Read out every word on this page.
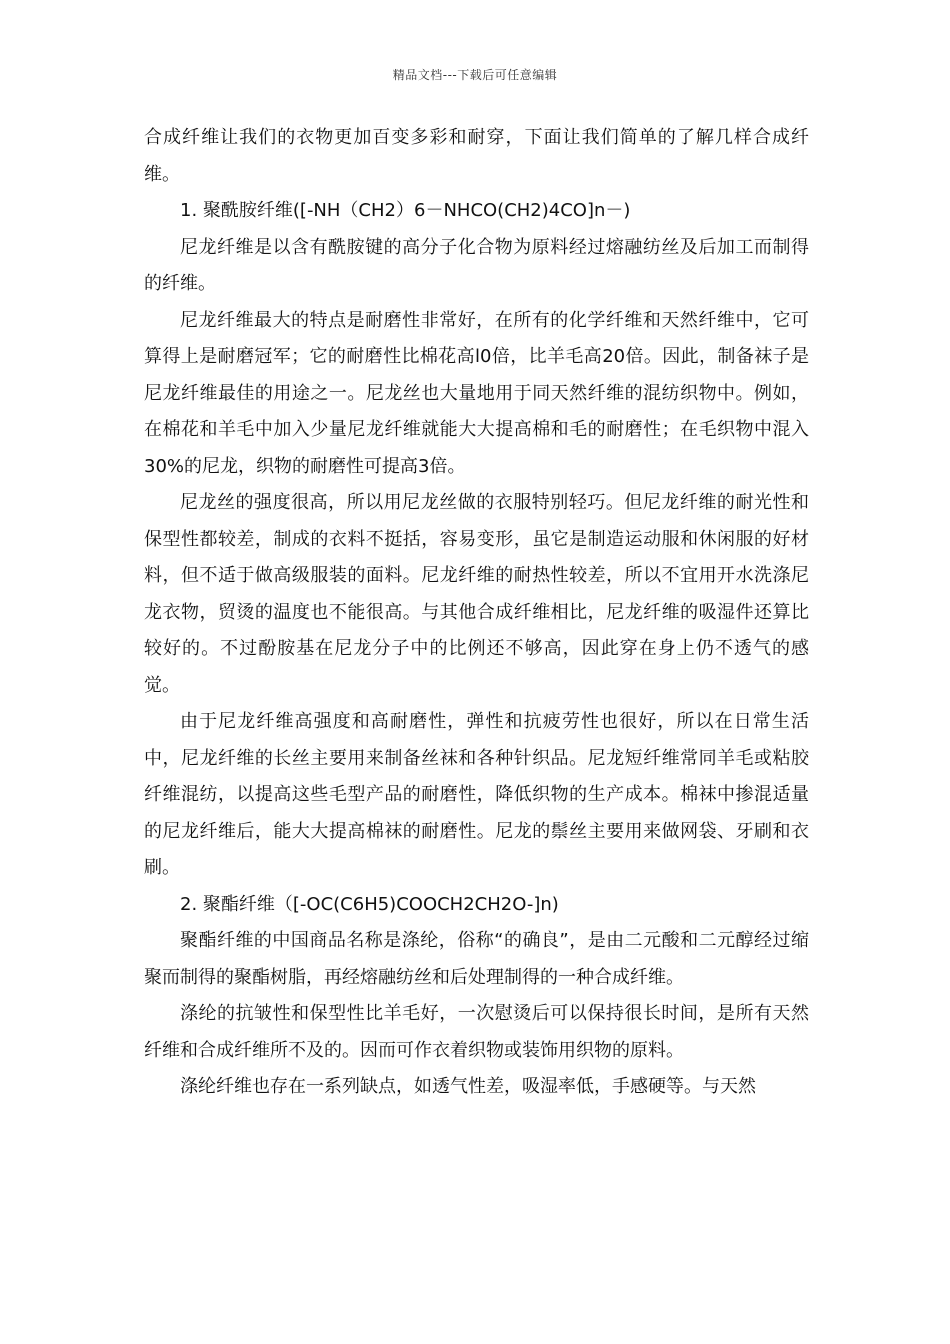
精品文档---下载后可任意编辑

合成纤维让我们的衣物更加百变多彩和耐穿，下面让我们简单的了解几样合成纤维。

1. 聚酰胺纤维([-NH（CH2）6－NHCO(CH2)4CO]n－)

尼龙纤维是以含有酰胺键的高分子化合物为原料经过熔融纺丝及后加工而制得的纤维。

尼龙纤维最大的特点是耐磨性非常好，在所有的化学纤维和天然纤维中，它可算得上是耐磨冠军；它的耐磨性比棉花高l0倍，比羊毛高20倍。因此，制备袜子是尼龙纤维最佳的用途之一。尼龙丝也大量地用于同天然纤维的混纺织物中。例如，在棉花和羊毛中加入少量尼龙纤维就能大大提高棉和毛的耐磨性；在毛织物中混入30%的尼龙，织物的耐磨性可提高3倍。

尼龙丝的强度很高，所以用尼龙丝做的衣服特别轻巧。但尼龙纤维的耐光性和保型性都较差，制成的衣料不挺括，容易变形，虽它是制造运动服和休闲服的好材料，但不适于做高级服装的面料。尼龙纤维的耐热性较差，所以不宜用开水洗涤尼龙衣物，贸烫的温度也不能很高。与其他合成纤维相比，尼龙纤维的吸湿件还算比较好的。不过酚胺基在尼龙分子中的比例还不够高，因此穿在身上仍不透气的感觉。

由于尼龙纤维高强度和高耐磨性，弹性和抗疲劳性也很好，所以在日常生活中，尼龙纤维的长丝主要用来制备丝袜和各种针织品。尼龙短纤维常同羊毛或粘胶纤维混纺，以提高这些毛型产品的耐磨性，降低织物的生产成本。棉袜中掺混适量的尼龙纤维后，能大大提高棉袜的耐磨性。尼龙的鬃丝主要用来做网袋、牙刷和衣刷。

2. 聚酯纤维（[-OC(C6H5)COOCH2CH2O-]n)

聚酯纤维的中国商品名称是涤纶，俗称“的确良”，是由二元酸和二元醇经过缩聚而制得的聚酯树脂，再经熔融纺丝和后处理制得的一种合成纤维。

涤纶的抗皱性和保型性比羊毛好，一次慰烫后可以保持很长时间，是所有天然纤维和合成纤维所不及的。因而可作衣着织物或装饰用织物的原料。

涤纶纤维也存在一系列缺点，如透气性差，吸湿率低，手感硬等。与天然
